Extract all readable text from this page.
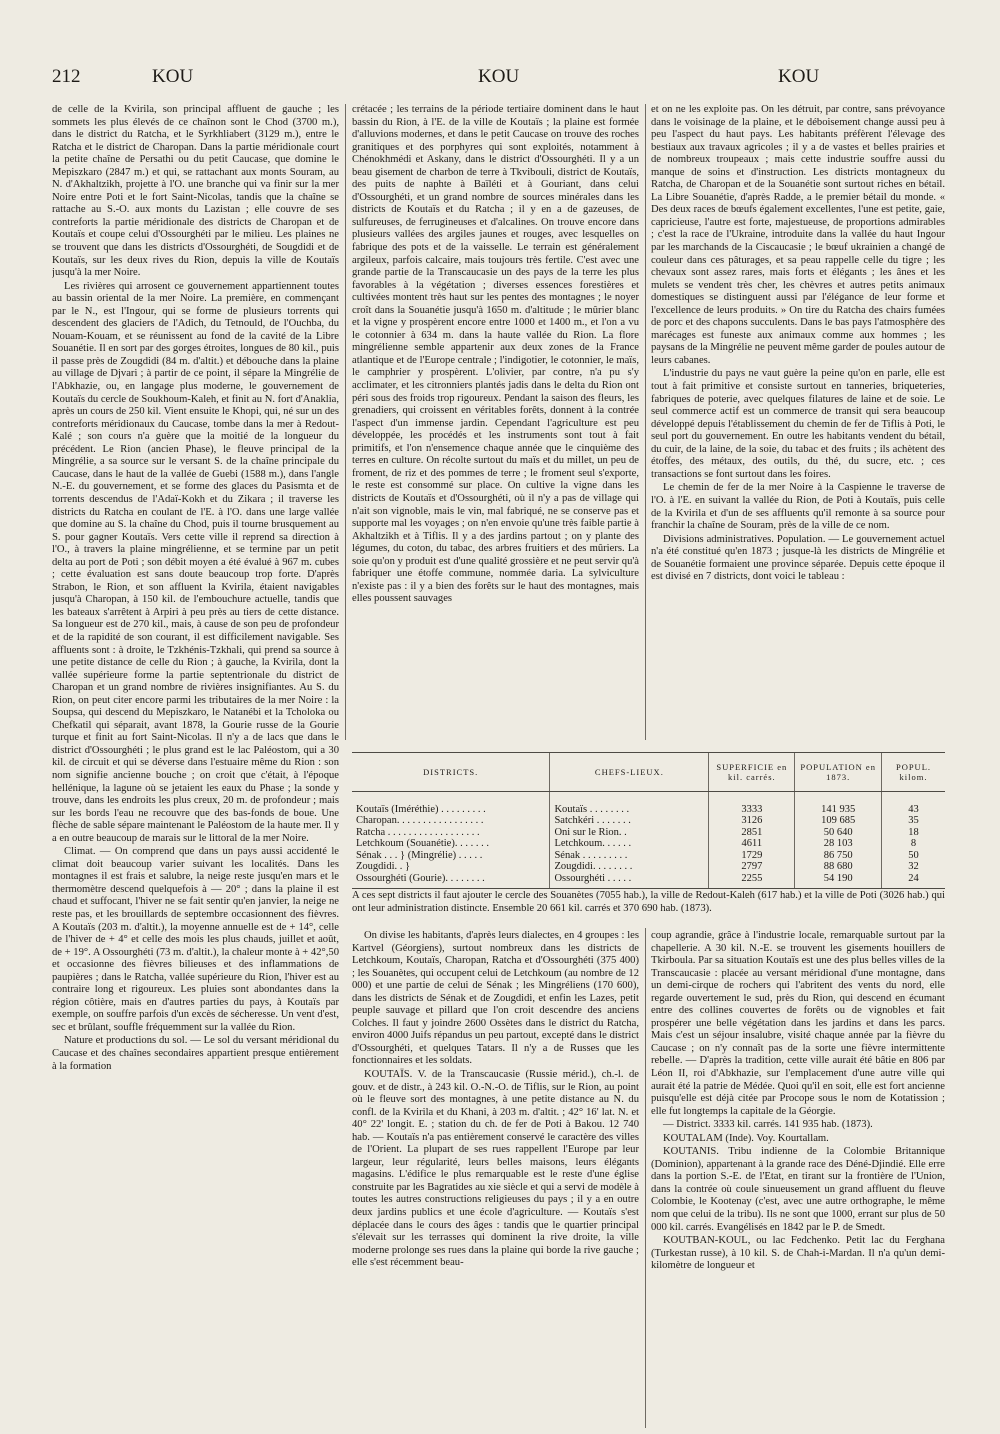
212	KOU	KOU	KOU

de celle de la Kvirila, son principal affluent de gauche ; les sommets les plus élevés de ce chaînon sont le Chod (3700 m.), dans le district du Ratcha, et le Syrkhliabert (3129 m.), entre le Ratcha et le district de Charopan. Dans la partie méridionale court la petite chaîne de Persathi ou du petit Caucase, que domine le Mepiszkaro (2847 m.) et qui, se rattachant aux monts Souram, au N. d'Akhaltzikh, projette à l'O. une branche qui va finir sur la mer Noire entre Poti et le fort Saint-Nicolas, tandis que la chaîne se rattache au S.-O. aux monts du Lazistan ; elle couvre de ses contreforts la partie méridionale des districts de Charopan et de Koutaïs et coupe celui d'Ossourghéti par le milieu. Les plaines ne se trouvent que dans les districts d'Ossourghéti, de Sougdidi et de Koutaïs, sur les deux rives du Rion, depuis la ville de Koutaïs jusqu'à la mer Noire.

Les rivières qui arrosent ce gouvernement appartiennent toutes au bassin oriental de la mer Noire. La première, en commençant par le N., est l'Ingour, qui se forme de plusieurs torrents qui descendent des glaciers de l'Adich, du Tetnould, de l'Ouchba, du Nouam-Kouam, et se réunissent au fond de la cavité de la Libre Souanétie. Il en sort par des gorges étroites, longues de 80 kil., puis il passe près de Zougdidi (84 m. d'altit.) et débouche dans la plaine au village de Djvari ; à partir de ce point, il sépare la Mingrélie de l'Abkhazie, ou, en langage plus moderne, le gouvernement de Koutaïs du cercle de Soukhoum-Kaleh, et finit au N. fort d'Anaklia, après un cours de 250 kil. Vient ensuite le Khopi, qui, né sur un des contreforts méridionaux du Caucase, tombe dans la mer à Redout-Kalé ; son cours n'a guère que la moitié de la longueur du précédent. Le Rion (ancien Phase), le fleuve principal de la Mingrélie, a sa source sur le versant S. de la chaîne principale du Caucase, dans le haut de la vallée de Guebi (1588 m.), dans l'angle N.-E. du gouvernement, et se forme des glaces du Pasismta et de torrents descendus de l'Adaï-Kokh et du Zikara ; il traverse les districts du Ratcha en coulant de l'E. à l'O. dans une large vallée que domine au S. la chaîne du Chod, puis il tourne brusquement au S. pour gagner Koutaïs. Vers cette ville il reprend sa direction à l'O., à travers la plaine mingrélienne, et se termine par un petit delta au port de Poti ; son débit moyen a été évalué à 967 m. cubes ; cette évaluation est sans doute beaucoup trop forte. D'après Strabon, le Rion, et son affluent la Kvirila, étaient navigables jusqu'à Charopan, à 150 kil. de l'embouchure actuelle, tandis que les bateaux s'arrêtent à Arpiri à peu près au tiers de cette distance. Sa longueur est de 270 kil., mais, à cause de son peu de profondeur et de la rapidité de son courant, il est difficilement navigable. Ses affluents sont : à droite, le Tzkhénis-Tzkhali, qui prend sa source à une petite distance de celle du Rion ; à gauche, la Kvirila, dont la vallée supérieure forme la partie septentrionale du district de Charopan et un grand nombre de rivières insignifiantes. Au S. du Rion, on peut citer encore parmi les tributaires de la mer Noire : la Soupsa, qui descend du Mepiszkaro, le Natanébi et la Tcholoka ou Chefkatil qui séparait, avant 1878, la Gourie russe de la Gourie turque et finit au fort Saint-Nicolas. Il n'y a de lacs que dans le district d'Ossourghéti ; le plus grand est le lac Paléostom, qui a 30 kil. de circuit et qui se déverse dans l'estuaire même du Rion : son nom signifie ancienne bouche ; on croit que c'était, à l'époque hellénique, la lagune où se jetaient les eaux du Phase ; la sonde y trouve, dans les endroits les plus creux, 20 m. de profondeur ; mais sur les bords l'eau ne recouvre que des bas-fonds de boue. Une flèche de sable sépare maintenant le Paléostom de la haute mer. Il y a en outre beaucoup de marais sur le littoral de la mer Noire.

Climat. — On comprend que dans un pays aussi accidenté le climat doit beaucoup varier suivant les localités. Dans les montagnes il est frais et salubre, la neige reste jusqu'en mars et le thermomètre descend quelquefois à — 20° ; dans la plaine il est chaud et suffocant, l'hiver ne se fait sentir qu'en janvier, la neige ne reste pas, et les brouillards de septembre occasionnent des fièvres. A Koutaïs (203 m. d'altit.), la moyenne annuelle est de + 14°, celle de l'hiver de + 4° et celle des mois les plus chauds, juillet et août, de + 19°. A Ossourghéti (73 m. d'altit.), la chaleur monte à + 42°,50 et occasionne des fièvres bilieuses et des inflammations de paupières ; dans le Ratcha, vallée supérieure du Rion, l'hiver est au contraire long et rigoureux. Les pluies sont abondantes dans la région côtière, mais en d'autres parties du pays, à Koutaïs par exemple, on souffre parfois d'un excès de sécheresse. Un vent d'est, sec et brûlant, souffle fréquemment sur la vallée du Rion.

Nature et productions du sol. — Le sol du versant méridional du Caucase et des chaînes secondaires appartient presque entièrement à la formation

crétacée ; les terrains de la période tertiaire dominent dans le haut bassin du Rion, à l'E. de la ville de Koutaïs ; la plaine est formée d'alluvions modernes, et dans le petit Caucase on trouve des roches granitiques et des porphyres qui sont exploités, notamment à Chénokhmédi et Askany, dans le district d'Ossourghéti. Il y a un beau gisement de charbon de terre à Tkvibouli, district de Koutaïs, des puits de naphte à Baïléti et à Gouriant, dans celui d'Ossourghéti, et un grand nombre de sources minérales dans les districts de Koutaïs et du Ratcha ; il y en a de gazeuses, de sulfureuses, de ferrugineuses et d'alcalines. On trouve encore dans plusieurs vallées des argiles jaunes et rouges, avec lesquelles on fabrique des pots et de la vaisselle. Le terrain est généralement argileux, parfois calcaire, mais toujours très fertile. C'est avec une grande partie de la Transcaucasie un des pays de la terre les plus favorables à la végétation ; diverses essences forestières et cultivées montent très haut sur les pentes des montagnes ; le noyer croît dans la Souanétie jusqu'à 1650 m. d'altitude ; le mûrier blanc et la vigne y prospèrent encore entre 1000 et 1400 m., et l'on a vu le cotonnier à 634 m. dans la haute vallée du Rion. La flore mingrélienne semble appartenir aux deux zones de la France atlantique et de l'Europe centrale ; l'indigotier, le cotonnier, le maïs, le camphrier y prospèrent. L'olivier, par contre, n'a pu s'y acclimater, et les citronniers plantés jadis dans le delta du Rion ont péri sous des froids trop rigoureux. Pendant la saison des fleurs, les grenadiers, qui croissent en véritables forêts, donnent à la contrée l'aspect d'un immense jardin. Cependant l'agriculture est peu développée, les procédés et les instruments sont tout à fait primitifs, et l'on n'ensemence chaque année que le cinquième des terres en culture. On récolte surtout du maïs et du millet, un peu de froment, de riz et des pommes de terre ; le froment seul s'exporte, le reste est consommé sur place. On cultive la vigne dans les districts de Koutaïs et d'Ossourghéti, où il n'y a pas de village qui n'ait son vignoble, mais le vin, mal fabriqué, ne se conserve pas et supporte mal les voyages ; on n'en envoie qu'une très faible partie à Akhaltzikh et à Tiflis. Il y a des jardins partout ; on y plante des légumes, du coton, du tabac, des arbres fruitiers et des mûriers. La soie qu'on y produit est d'une qualité grossière et ne peut servir qu'à fabriquer une étoffe commune, nommée daria. La sylviculture n'existe pas : il y a bien des forêts sur le haut des montagnes, mais elles poussent sauvages

et on ne les exploite pas. On les détruit, par contre, sans prévoyance dans le voisinage de la plaine, et le déboisement change aussi peu à peu l'aspect du haut pays. Les habitants préfèrent l'élevage des bestiaux aux travaux agricoles ; il y a de vastes et belles prairies et de nombreux troupeaux ; mais cette industrie souffre aussi du manque de soins et d'instruction. Les districts montagneux du Ratcha, de Charopan et de la Souanétie sont surtout riches en bétail. La Libre Souanétie, d'après Radde, a le premier bétail du monde. « Des deux races de bœufs également excellentes, l'une est petite, gaie, capricieuse, l'autre est forte, majestueuse, de proportions admirables ; c'est la race de l'Ukraine, introduite dans la vallée du haut Ingour par les marchands de la Ciscaucasie ; le bœuf ukrainien a changé de couleur dans ces pâturages, et sa peau rappelle celle du tigre ; les chevaux sont assez rares, mais forts et élégants ; les ânes et les mulets se vendent très cher, les chèvres et autres petits animaux domestiques se distinguent aussi par l'élégance de leur forme et l'excellence de leurs produits. » On tire du Ratcha des chairs fumées de porc et des chapons succulents. Dans le bas pays l'atmosphère des marécages est funeste aux animaux comme aux hommes ; les paysans de la Mingrélie ne peuvent même garder de poules autour de leurs cabanes.

L'industrie du pays ne vaut guère la peine qu'on en parle, elle est tout à fait primitive et consiste surtout en tanneries, briqueteries, fabriques de poterie, avec quelques filatures de laine et de soie. Le seul commerce actif est un commerce de transit qui sera beaucoup développé depuis l'établissement du chemin de fer de Tiflis à Poti, le seul port du gouvernement. En outre les habitants vendent du bétail, du cuir, de la laine, de la soie, du tabac et des fruits ; ils achètent des étoffes, des métaux, des outils, du thé, du sucre, etc. ; ces transactions se font surtout dans les foires.

Le chemin de fer de la mer Noire à la Caspienne le traverse de l'O. à l'E. en suivant la vallée du Rion, de Poti à Koutaïs, puis celle de la Kvirila et d'un de ses affluents qu'il remonte à sa source pour franchir la chaîne de Souram, près de la ville de ce nom.

Divisions administratives. Population. — Le gouvernement actuel n'a été constitué qu'en 1873 ; jusque-là les districts de Mingrélie et de Souanétie formaient une province séparée. Depuis cette époque il est divisé en 7 districts, dont voici le tableau :

DISTRICTS.	CHEFS-LIEUX.	SUPERFICIE en kil. carrés.	POPULATION en 1873.	POPUL. kilom.

Koutaïs (Iméréthie) . . . . . . . . .	Koutaïs . . . . . . . .	3333	141 935	43
Charopan. . . . . . . . . . . . . . . . .	Satchkéri . . . . . . .	3126	109 685	35
Ratcha . . . . . . . . . . . . . . . . . .	Oni sur le Rion. .	2851	50 640	18
Letchkoum (Souanétie). . . . . . .	Letchkoum. . . . . .	4611	28 103	8
Sénak . . . } (Mingrélie) . . . . .	Sénak . . . . . . . . .	1729	86 750	50
Zougdidi. . }	Zougdidi. . . . . . . .	2797	88 680	32
Ossourghéti (Gourie). . . . . . . .	Ossourghéti . . . . .	2255	54 190	24
A ces sept districts il faut ajouter le cercle des Souanètes (7055 hab.), la ville de Redout-Kaleh (617 hab.) et la ville de Poti (3026 hab.) qui ont leur administration distincte. Ensemble 20 661 kil. carrés et 370 690 hab. (1873).

On divise les habitants, d'après leurs dialectes, en 4 groupes : les Kartvel (Géorgiens), surtout nombreux dans les districts de Letchkoum, Koutaïs, Charopan, Ratcha et d'Ossourghéti (375 400) ; les Souanètes, qui occupent celui de Letchkoum (au nombre de 12 000) et une partie de celui de Sénak ; les Mingréliens (170 600), dans les districts de Sénak et de Zougdidi, et enfin les Lazes, petit peuple sauvage et pillard que l'on croit descendre des anciens Colches. Il faut y joindre 2600 Ossètes dans le district du Ratcha, environ 4000 Juifs répandus un peu partout, excepté dans le district d'Ossourghéti, et quelques Tatars. Il n'y a de Russes que les fonctionnaires et les soldats.

KOUTAÏS. V. de la Transcaucasie (Russie mérid.), ch.-l. de gouv. et de distr., à 243 kil. O.-N.-O. de Tiflis, sur le Rion, au point où le fleuve sort des montagnes, à une petite distance au N. du confl. de la Kvirila et du Khani, à 203 m. d'altit. ; 42° 16' lat. N. et 40° 22' longit. E. ; station du ch. de fer de Poti à Bakou. 12 740 hab. — Koutaïs n'a pas entièrement conservé le caractère des villes de l'Orient. La plupart de ses rues rappellent l'Europe par leur largeur, leur régularité, leurs belles maisons, leurs élégants magasins. L'édifice le plus remarquable est le reste d'une église construite par les Bagratides au xie siècle et qui a servi de modèle à toutes les autres constructions religieuses du pays ; il y a en outre deux jardins publics et une école d'agriculture. — Koutaïs s'est déplacée dans le cours des âges : tandis que le quartier principal s'élevait sur les terrasses qui dominent la rive droite, la ville moderne prolonge ses rues dans la plaine qui borde la rive gauche ; elle s'est récemment beau-

coup agrandie, grâce à l'industrie locale, remarquable surtout par la chapellerie. A 30 kil. N.-E. se trouvent les gisements houillers de Tkirboula. Par sa situation Koutaïs est une des plus belles villes de la Transcaucasie : placée au versant méridional d'une montagne, dans un demi-cirque de rochers qui l'abritent des vents du nord, elle regarde ouvertement le sud, près du Rion, qui descend en écumant entre des collines couvertes de forêts ou de vignobles et fait prospérer une belle végétation dans les jardins et dans les parcs. Mais c'est un séjour insalubre, visité chaque année par la fièvre du Caucase ; on n'y connaît pas de la sorte une fièvre intermittente rebelle. — D'après la tradition, cette ville aurait été bâtie en 806 par Léon II, roi d'Abkhazie, sur l'emplacement d'une autre ville qui aurait été la patrie de Médée. Quoi qu'il en soit, elle est fort ancienne puisqu'elle est déjà citée par Procope sous le nom de Kotatission ; elle fut longtemps la capitale de la Géorgie.

— District. 3333 kil. carrés. 141 935 hab. (1873).

KOUTALAM (Inde). Voy. Kourtallam.

KOUTANIS. Tribu indienne de la Colombie Britannique (Dominion), appartenant à la grande race des Déné-Djindié. Elle erre dans la portion S.-E. de l'Etat, en tirant sur la frontière de l'Union, dans la contrée où coule sinueusement un grand affluent du fleuve Colombie, le Kootenay (c'est, avec une autre orthographe, le même nom que celui de la tribu). Ils ne sont que 1000, errant sur plus de 50 000 kil. carrés. Evangélisés en 1842 par le P. de Smedt.

KOUTBAN-KOUL, ou lac Fedchenko. Petit lac du Ferghana (Turkestan russe), à 10 kil. S. de Chah-i-Mardan. Il n'a qu'un demi-kilomètre de longueur et
